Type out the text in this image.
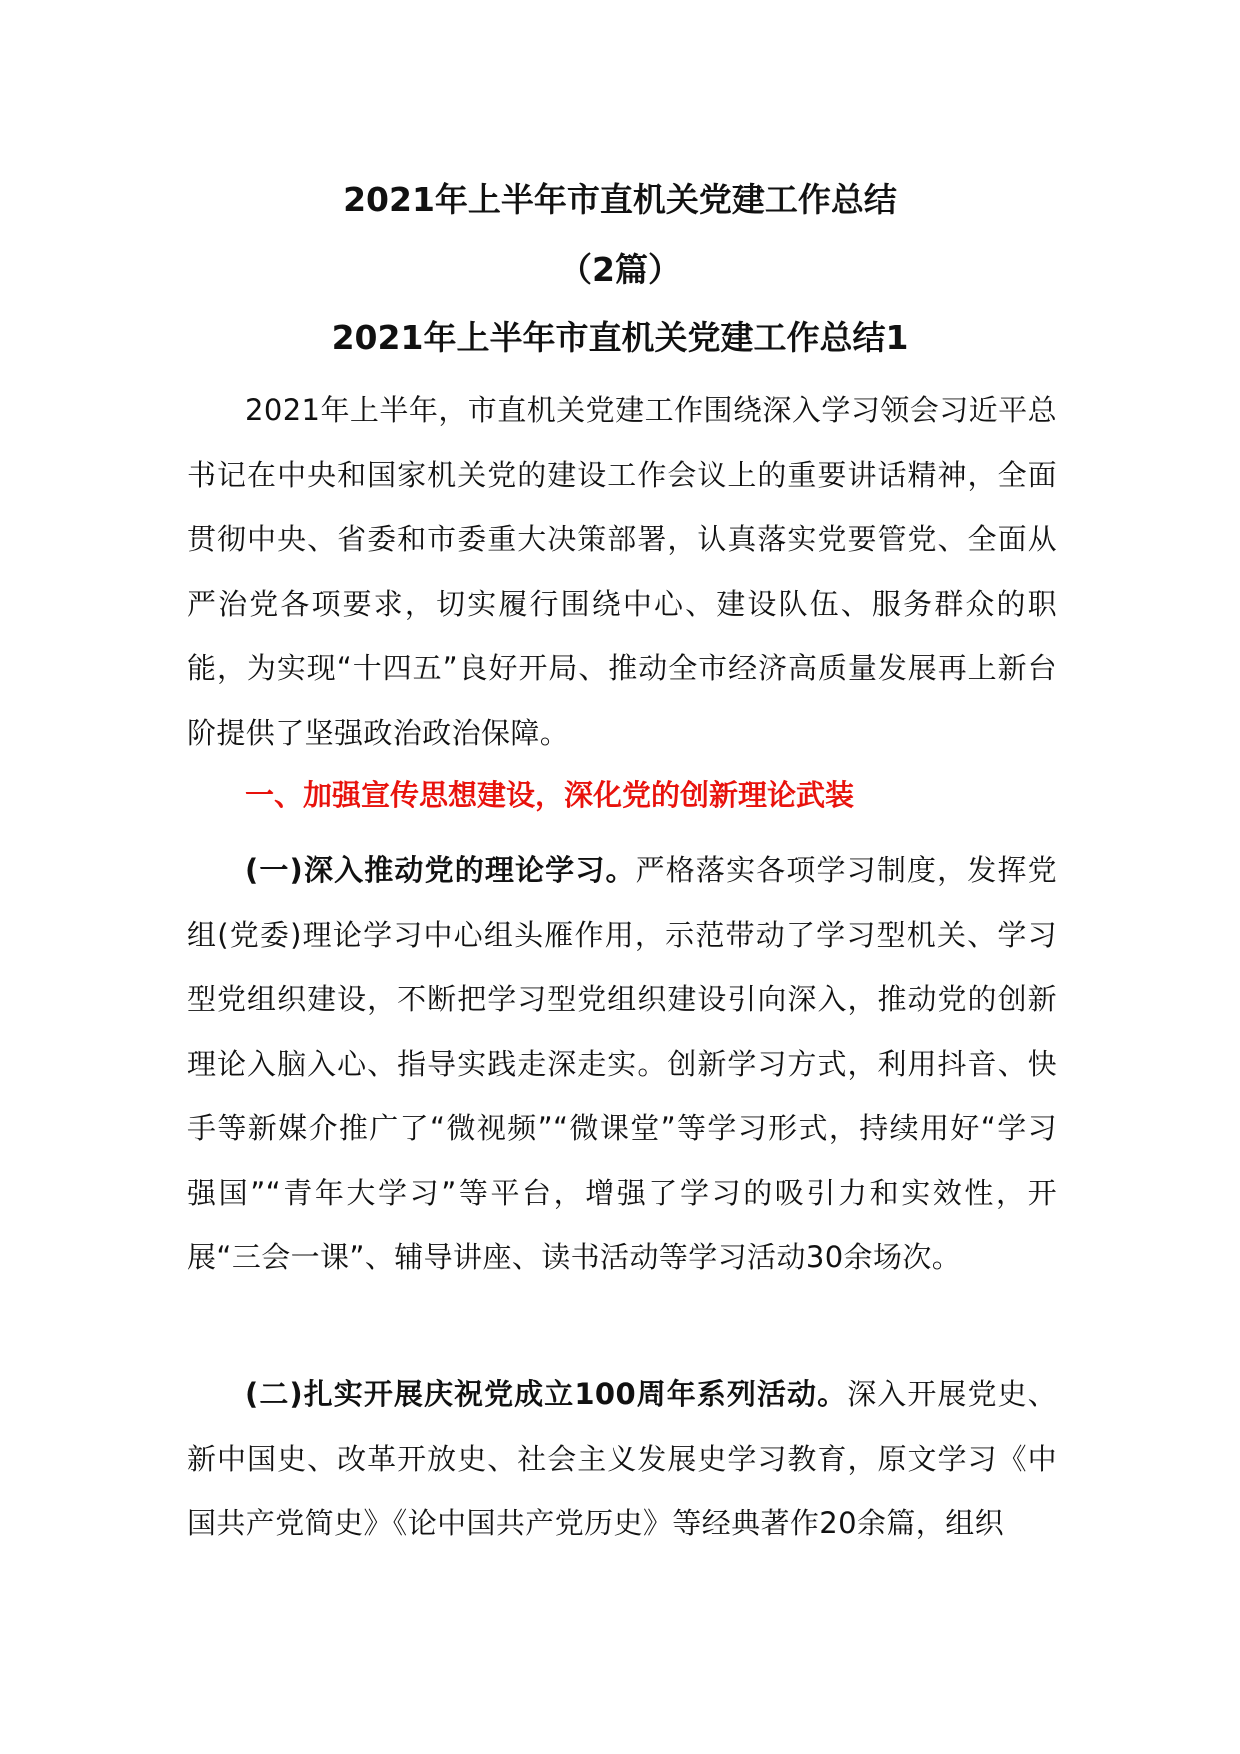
2021年上半年市直机关党建工作总结
（2篇）
2021年上半年市直机关党建工作总结1

2021年上半年，市直机关党建工作围绕深入学习领会习近平总书记在中央和国家机关党的建设工作会议上的重要讲话精神，全面贯彻中央、省委和市委重大决策部署，认真落实党要管党、全面从严治党各项要求，切实履行围绕中心、建设队伍、服务群众的职能，为实现“十四五”良好开局、推动全市经济高质量发展再上新台阶提供了坚强政治政治保障。

一、加强宣传思想建设，深化党的创新理论武装

(一)深入推动党的理论学习。严格落实各项学习制度，发挥党组(党委)理论学习中心组头雁作用，示范带动了学习型机关、学习型党组织建设，不断把学习型党组织建设引向深入，推动党的创新理论入脑入心、指导实践走深走实。创新学习方式，利用抖音、快手等新媒介推广了“微视频”“微课堂”等学习形式，持续用好“学习强国”“青年大学习”等平台，增强了学习的吸引力和实效性，开展“三会一课”、辅导讲座、读书活动等学习活动30余场次。

(二)扎实开展庆祝党成立100周年系列活动。深入开展党史、新中国史、改革开放史、社会主义发展史学习教育，原文学习《中国共产党简史》《论中国共产党历史》等经典著作20余篇，组织
